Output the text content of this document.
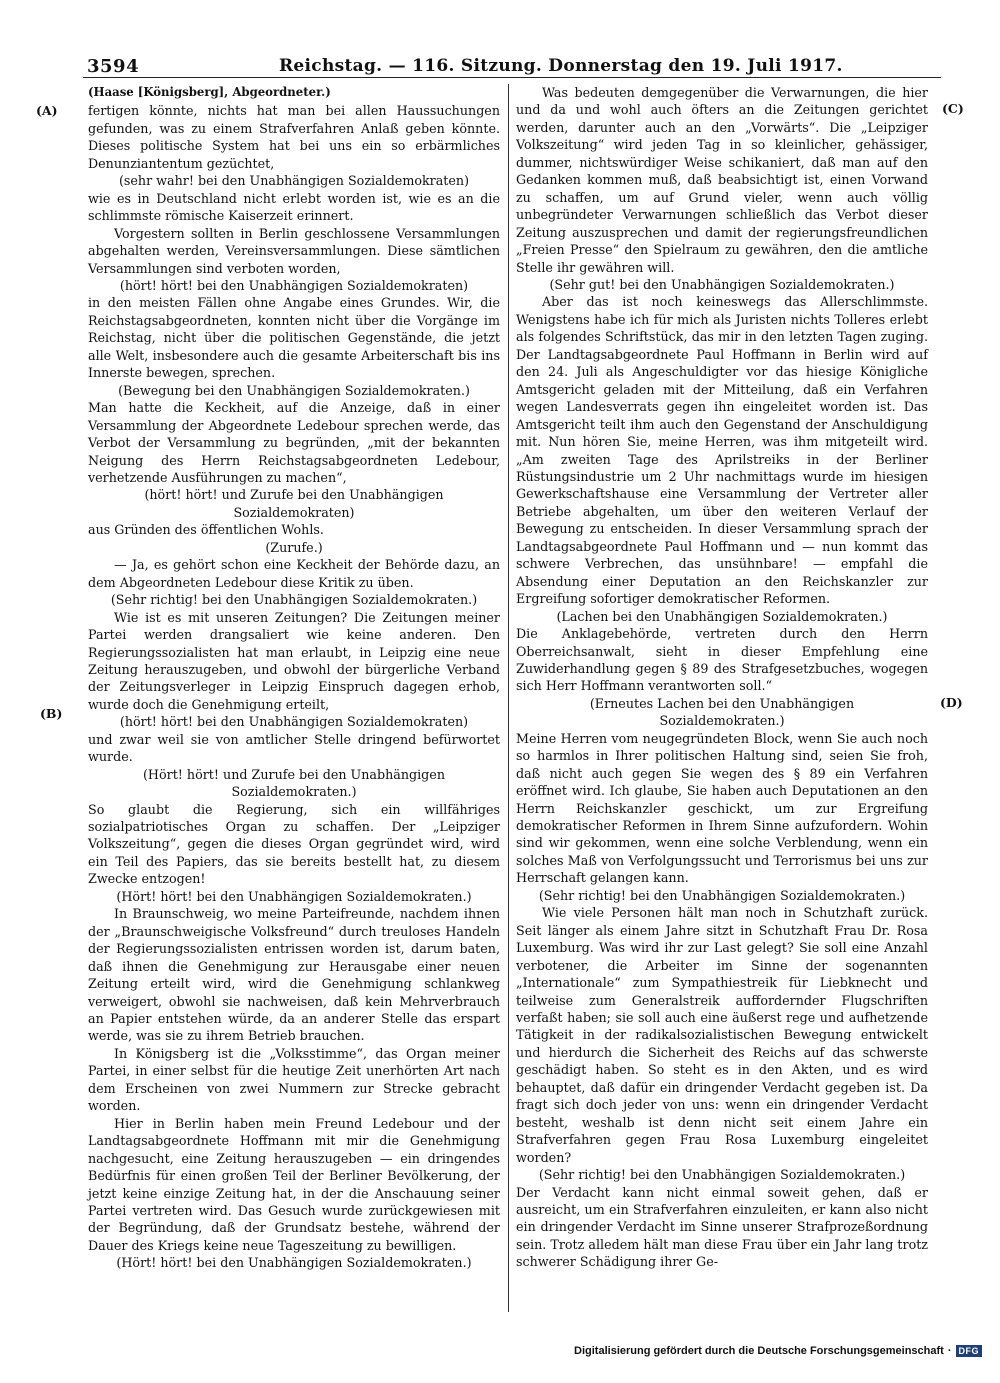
3594	Reichstag. — 116. Sitzung. Donnerstag den 19. Juli 1917.
(A)
(B)
(C)
(D)
(Haase [Königsberg], Abgeordneter.)

fertigen könnte, nichts hat man bei allen Haussuchungen gefunden, was zu einem Strafverfahren Anlaß geben könnte. Dieses politische System hat bei uns ein so erbärmliches Denunziantentum gezüchtet,

(sehr wahr! bei den Unabhängigen Sozialdemokraten)

wie es in Deutschland nicht erlebt worden ist, wie es an die schlimmste römische Kaiserzeit erinnert.

Vorgestern sollten in Berlin geschlossene Versammlungen abgehalten werden, Vereinsversammlungen. Diese sämtlichen Versammlungen sind verboten worden,

(hört! hört! bei den Unabhängigen Sozialdemokraten)

in den meisten Fällen ohne Angabe eines Grundes. Wir, die Reichstagsabgeordneten, konnten nicht über die Vorgänge im Reichstag, nicht über die politischen Gegenstände, die jetzt alle Welt, insbesondere auch die gesamte Arbeiterschaft bis ins Innerste bewegen, sprechen.

(Bewegung bei den Unabhängigen Sozialdemokraten.)

Man hatte die Keckheit, auf die Anzeige, daß in einer Versammlung der Abgeordnete Ledebour sprechen werde, das Verbot der Versammlung zu begründen, „mit der bekannten Neigung des Herrn Reichstagsabgeordneten Ledebour, verhetzende Ausführungen zu machen“,

(hört! hört! und Zurufe bei den Unabhängigen Sozialdemokraten)

aus Gründen des öffentlichen Wohls.

(Zurufe.)

— Ja, es gehört schon eine Keckheit der Behörde dazu, an dem Abgeordneten Ledebour diese Kritik zu üben.

(Sehr richtig! bei den Unabhängigen Sozialdemokraten.)

Wie ist es mit unseren Zeitungen? Die Zeitungen meiner Partei werden drangsaliert wie keine anderen. Den Regierungssozialisten hat man erlaubt, in Leipzig eine neue Zeitung herauszugeben, und obwohl der bürgerliche Verband der Zeitungsverleger in Leipzig Einspruch dagegen erhob, wurde doch die Genehmigung erteilt,

(hört! hört! bei den Unabhängigen Sozialdemokraten)

und zwar weil sie von amtlicher Stelle dringend befürwortet wurde.

(Hört! hört! und Zurufe bei den Unabhängigen Sozialdemokraten.)

So glaubt die Regierung, sich ein willfähriges sozialpatriotisches Organ zu schaffen. Der „Leipziger Volkszeitung“, gegen die dieses Organ gegründet wird, wird ein Teil des Papiers, das sie bereits bestellt hat, zu diesem Zwecke entzogen!

(Hört! hört! bei den Unabhängigen Sozialdemokraten.)

In Braunschweig, wo meine Parteifreunde, nachdem ihnen der „Braunschweigische Volksfreund“ durch treuloses Handeln der Regierungssozialisten entrissen worden ist, darum baten, daß ihnen die Genehmigung zur Herausgabe einer neuen Zeitung erteilt wird, wird die Genehmigung schlankweg verweigert, obwohl sie nachweisen, daß kein Mehrverbrauch an Papier entstehen würde, da an anderer Stelle das erspart werde, was sie zu ihrem Betrieb brauchen.

In Königsberg ist die „Volksstimme“, das Organ meiner Partei, in einer selbst für die heutige Zeit unerhörten Art nach dem Erscheinen von zwei Nummern zur Strecke gebracht worden.

Hier in Berlin haben mein Freund Ledebour und der Landtagsabgeordnete Hoffmann mit mir die Genehmigung nachgesucht, eine Zeitung herauszugeben — ein dringendes Bedürfnis für einen großen Teil der Berliner Bevölkerung, der jetzt keine einzige Zeitung hat, in der die Anschauung seiner Partei vertreten wird. Das Gesuch wurde zurückgewiesen mit der Begründung, daß der Grundsatz bestehe, während der Dauer des Kriegs keine neue Tageszeitung zu bewilligen.

(Hört! hört! bei den Unabhängigen Sozialdemokraten.)

Was bedeuten demgegenüber die Verwarnungen, die hier und da und wohl auch öfters an die Zeitungen gerichtet werden, darunter auch an den „Vorwärts“. Die „Leipziger Volkszeitung“ wird jeden Tag in so kleinlicher, gehässiger, dummer, nichtswürdiger Weise schikaniert, daß man auf den Gedanken kommen muß, daß beabsichtigt ist, einen Vorwand zu schaffen, um auf Grund vieler, wenn auch völlig unbegründeter Verwarnungen schließlich das Verbot dieser Zeitung auszusprechen und damit der regierungsfreundlichen „Freien Presse“ den Spielraum zu gewähren, den die amtliche Stelle ihr gewähren will.

(Sehr gut! bei den Unabhängigen Sozialdemokraten.)

Aber das ist noch keineswegs das Allerschlimmste. Wenigstens habe ich für mich als Juristen nichts Tolleres erlebt als folgendes Schriftstück, das mir in den letzten Tagen zuging. Der Landtagsabgeordnete Paul Hoffmann in Berlin wird auf den 24. Juli als Angeschuldigter vor das hiesige Königliche Amtsgericht geladen mit der Mitteilung, daß ein Verfahren wegen Landesverrats gegen ihn eingeleitet worden ist. Das Amtsgericht teilt ihm auch den Gegenstand der Anschuldigung mit. Nun hören Sie, meine Herren, was ihm mitgeteilt wird. „Am zweiten Tage des Aprilstreiks in der Berliner Rüstungsindustrie um 2 Uhr nachmittags wurde im hiesigen Gewerkschaftshause eine Versammlung der Vertreter aller Betriebe abgehalten, um über den weiteren Verlauf der Bewegung zu entscheiden. In dieser Versammlung sprach der Landtagsabgeordnete Paul Hoffmann und — nun kommt das schwere Verbrechen, das unsühnbare! — empfahl die Absendung einer Deputation an den Reichskanzler zur Ergreifung sofortiger demokratischer Reformen.

(Lachen bei den Unabhängigen Sozialdemokraten.)

Die Anklagebehörde, vertreten durch den Herrn Oberreichsanwalt, sieht in dieser Empfehlung eine Zuwiderhandlung gegen § 89 des Strafgesetzbuches, wogegen sich Herr Hoffmann verantworten soll.“

(Erneutes Lachen bei den Unabhängigen Sozialdemokraten.)

Meine Herren vom neugegründeten Block, wenn Sie auch noch so harmlos in Ihrer politischen Haltung sind, seien Sie froh, daß nicht auch gegen Sie wegen des § 89 ein Verfahren eröffnet wird. Ich glaube, Sie haben auch Deputationen an den Herrn Reichskanzler geschickt, um zur Ergreifung demokratischer Reformen in Ihrem Sinne aufzufordern. Wohin sind wir gekommen, wenn eine solche Verblendung, wenn ein solches Maß von Verfolgungssucht und Terrorismus bei uns zur Herrschaft gelangen kann.

(Sehr richtig! bei den Unabhängigen Sozialdemokraten.)

Wie viele Personen hält man noch in Schutzhaft zurück. Seit länger als einem Jahre sitzt in Schutzhaft Frau Dr. Rosa Luxemburg. Was wird ihr zur Last gelegt? Sie soll eine Anzahl verbotener, die Arbeiter im Sinne der sogenannten „Internationale“ zum Sympathiestreik für Liebknecht und teilweise zum Generalstreik auffordernder Flugschriften verfaßt haben; sie soll auch eine äußerst rege und aufhetzende Tätigkeit in der radikalsozialistischen Bewegung entwickelt und hierdurch die Sicherheit des Reichs auf das schwerste geschädigt haben. So steht es in den Akten, und es wird behauptet, daß dafür ein dringender Verdacht gegeben ist. Da fragt sich doch jeder von uns: wenn ein dringender Verdacht besteht, weshalb ist denn nicht seit einem Jahre ein Strafverfahren gegen Frau Rosa Luxemburg eingeleitet worden?

(Sehr richtig! bei den Unabhängigen Sozialdemokraten.)

Der Verdacht kann nicht einmal soweit gehen, daß er ausreicht, um ein Strafverfahren einzuleiten, er kann also nicht ein dringender Verdacht im Sinne unserer Strafprozeßordnung sein. Trotz alledem hält man diese Frau über ein Jahr lang trotz schwerer Schädigung ihrer Ge-

Digitalisierung gefördert durch die Deutsche Forschungsgemeinschaft · DFG
